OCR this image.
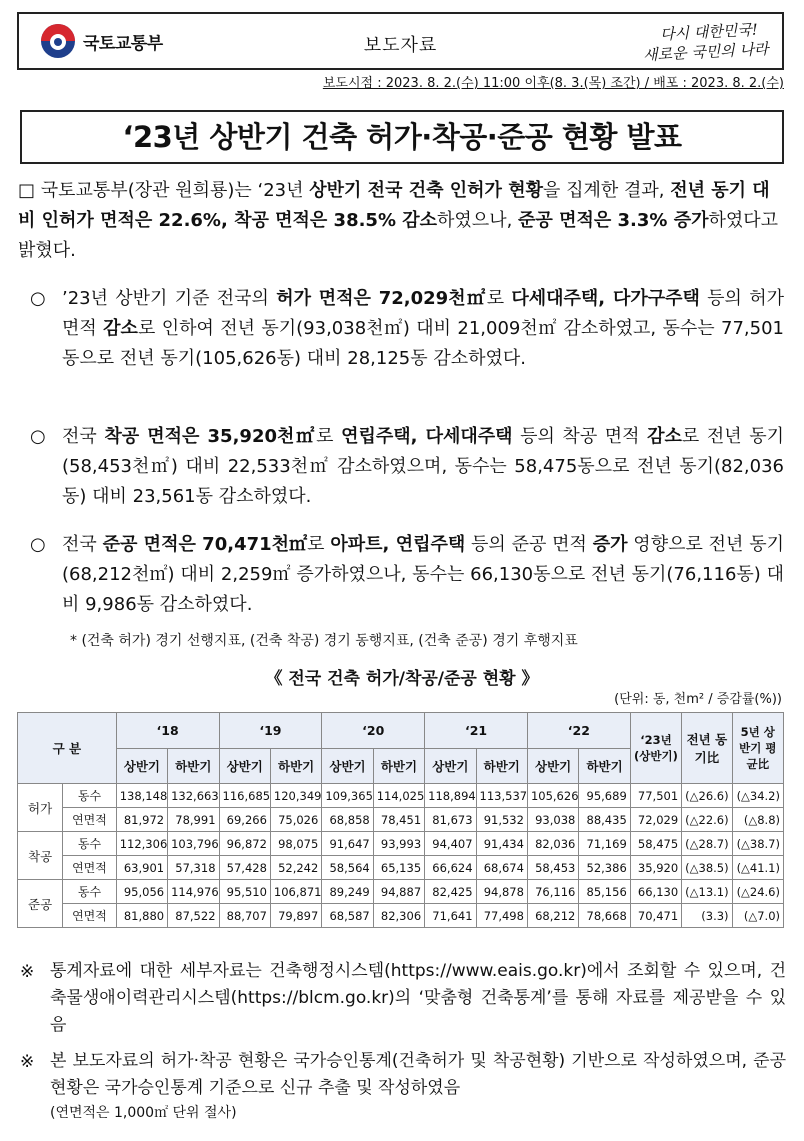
국토교통부	보도자료
다시 대한민국!
새로운 국민의 나라
보도시점 : 2023. 8. 2.(수) 11:00 이후(8. 3.(목) 조간) / 배포 : 2023. 8. 2.(수)
‘23년 상반기 건축 허가·착공·준공 현황 발표
□ 국토교통부(장관 원희룡)는 ‘23년 상반기 전국 건축 인허가 현황을 집계한 결과, 전년 동기 대비 인허가 면적은 22.6%, 착공 면적은 38.5% 감소하였으나, 준공 면적은 3.3% 증가하였다고 밝혔다.
○ ’23년 상반기 기준 전국의 허가 면적은 72,029천㎡로 다세대주택, 다가구주택 등의 허가 면적 감소로 인하여 전년 동기(93,038천㎡) 대비 21,009천㎡ 감소하였고, 동수는 77,501동으로 전년 동기(105,626동) 대비 28,125동 감소하였다.
○ 전국 착공 면적은 35,920천㎡로 연립주택, 다세대주택 등의 착공 면적 감소로 전년 동기(58,453천㎡) 대비 22,533천㎡ 감소하였으며, 동수는 58,475동으로 전년 동기(82,036동) 대비 23,561동 감소하였다.
○ 전국 준공 면적은 70,471천㎡로 아파트, 연립주택 등의 준공 면적 증가 영향으로 전년 동기(68,212천㎡) 대비 2,259㎡ 증가하였으나, 동수는 66,130동으로 전년 동기(76,116동) 대비 9,986동 감소하였다.
* (건축 허가) 경기 선행지표, (건축 착공) 경기 동행지표, (건축 준공) 경기 후행지표
《 전국 건축 허가/착공/준공 현황 》
(단위: 동, 천m² / 증감률(%))
구 분		‘18		‘19		‘20		‘21		‘22		‘23년 (상반기)	전년 동기比	5년 상반기 평균比
		상반기	하반기	상반기	하반기	상반기	하반기	상반기	하반기	상반기	하반기			
허가	동수	138,148	132,663	116,685	120,349	109,365	114,025	118,894	113,537	105,626	95,689	77,501	(△26.6)	(△34.2)
	연면적	81,972	78,991	69,266	75,026	68,858	78,451	81,673	91,532	93,038	88,435	72,029	(△22.6)	(△8.8)
착공	동수	112,306	103,796	96,872	98,075	91,647	93,993	94,407	91,434	82,036	71,169	58,475	(△28.7)	(△38.7)
	연면적	63,901	57,318	57,428	52,242	58,564	65,135	66,624	68,674	58,453	52,386	35,920	(△38.5)	(△41.1)
준공	동수	95,056	114,976	95,510	106,871	89,249	94,887	82,425	94,878	76,116	85,156	66,130	(△13.1)	(△24.6)
	연면적	81,880	87,522	88,707	79,897	68,587	82,306	71,641	77,498	68,212	78,668	70,471	(3.3)	(△7.0)
※ 통계자료에 대한 세부자료는 건축행정시스템(https://www.eais.go.kr)에서 조회할 수 있으며, 건축물생애이력관리시스템(https://blcm.go.kr)의 ‘맞춤형 건축통계’를 통해 자료를 제공받을 수 있음
※ 본 보도자료의 허가·착공 현황은 국가승인통계(건축허가 및 착공현황) 기반으로 작성하였으며, 준공 현황은 국가승인통계 기준으로 신규 추출 및 작성하였음
(연면적은 1,000㎡ 단위 절사)
